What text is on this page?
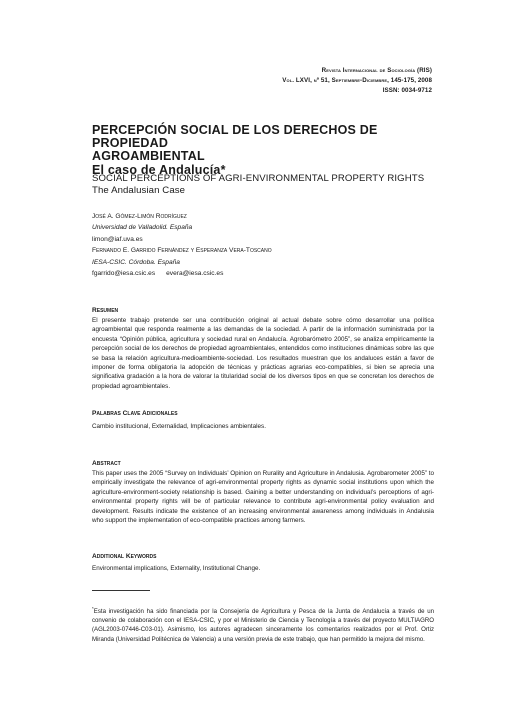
Revista Internacional de Sociología (RIS)
Vol. LXVI, nº 51, Septiembre-Diciembre, 145-175, 2008
ISSN: 0034-9712
PERCEPCIÓN SOCIAL DE LOS DERECHOS DE PROPIEDAD
AGROAMBIENTAL
El caso de Andalucía*
SOCIAL PERCEPTIONS OF AGRI-ENVIRONMENTAL PROPERTY RIGHTS
The Andalusian Case
José A. Gómez-Limón Rodríguez
Universidad de Valladolid. España
limon@iaf.uva.es
Fernando E. Garrido Fernández y Esperanza Vera-Toscano
IESA-CSIC. Córdoba. España
fgarrido@iesa.csic.es      evera@iesa.csic.es
Resumen
El presente trabajo pretende ser una contribución original al actual debate sobre cómo desarrollar una política agroambiental que responda realmente a las demandas de la sociedad. A partir de la información suministrada por la encuesta “Opinión pública, agricultura y sociedad rural en Andalucía. Agrobarómetro 2005”, se analiza empíricamente la percepción social de los derechos de propiedad agroambientales, entendidos como instituciones dinámicas sobre las que se basa la relación agricultura-medioambiente-sociedad. Los resultados muestran que los andaluces están a favor de imponer de forma obligatoria la adopción de técnicas y prácticas agrarias eco-compatibles, si bien se aprecia una significativa gradación a la hora de valorar la titularidad social de los diversos tipos en que se concretan los derechos de propiedad agroambientales.
Palabras Clave Adicionales
Cambio institucional, Externalidad, Implicaciones ambientales.
Abstract
This paper uses the 2005 “Survey on Individuals’ Opinion on Rurality and Agriculture in Andalusia. Agrobarometer 2005” to empirically investigate the relevance of agri-environmental property rights as dynamic social institutions upon which the agriculture-environment-society relationship is based. Gaining a better understanding on individual’s perceptions of agri-environmental property rights will be of particular relevance to contribute agri-environmental policy evaluation and development. Results indicate the existence of an increasing environmental awareness among individuals in Andalusia who support the implementation of eco-compatible practices among farmers.
Additional Keywords
Environmental implications, Externality, Institutional Change.
*Esta investigación ha sido financiada por la Consejería de Agricultura y Pesca de la Junta de Andalucía a través de un convenio de colaboración con el IESA-CSIC, y por el Ministerio de Ciencia y Tecnología a través del proyecto MULTIAGRO (AGL2003-07446-C03-01). Asimismo, los autores agradecen sinceramente los comentarios realizados por el Prof. Ortiz Miranda (Universidad Politécnica de Valencia) a una versión previa de este trabajo, que han permitido la mejora del mismo.
